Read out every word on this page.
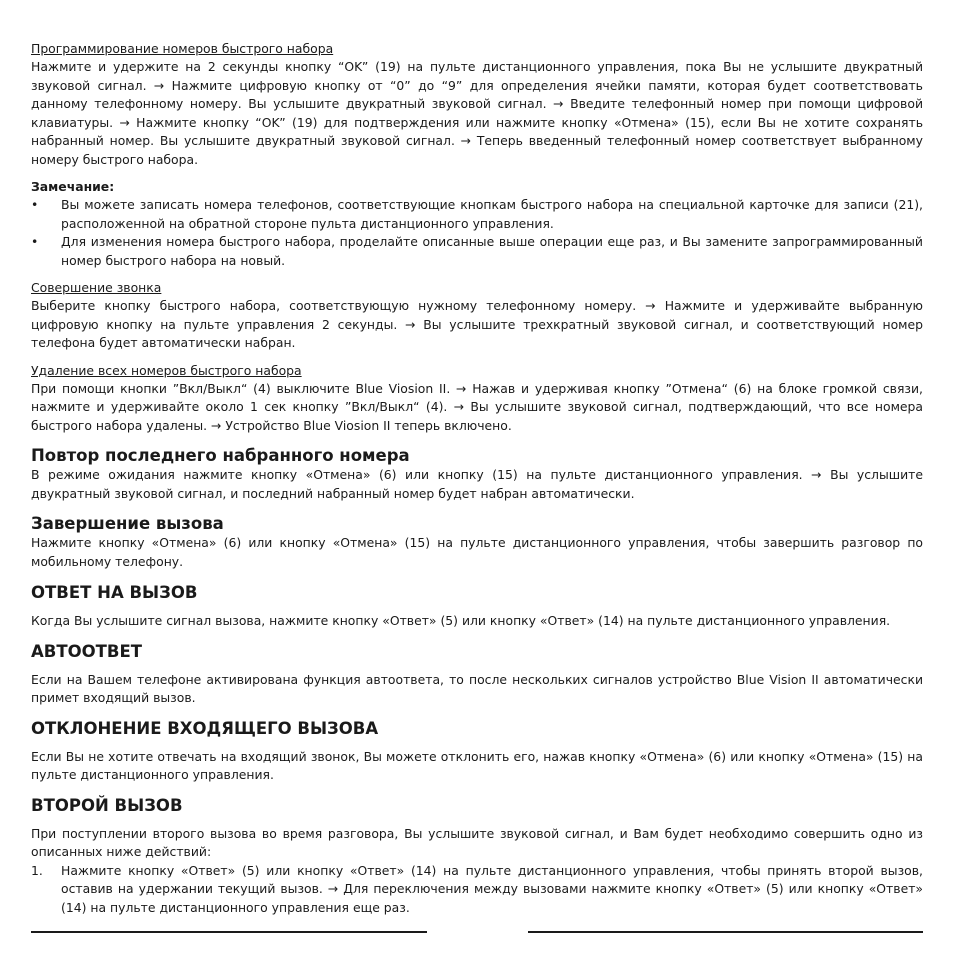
Программирование номеров быстрого набора

Нажмите и удержите на 2 секунды кнопку “OK” (19) на пульте дистанционного управления, пока Вы не услышите двукратный звуковой сигнал. → Нажмите цифровую кнопку от “0” до “9” для определения ячейки памяти, которая будет соответствовать данному телефонному номеру. Вы услышите двукратный звуковой сигнал. → Введите телефонный номер при помощи цифровой клавиатуры. → Нажмите кнопку “OK” (19) для подтверждения или нажмите кнопку «Отмена» (15), если Вы не хотите сохранять набранный номер. Вы услышите двукратный звуковой сигнал. → Теперь введенный телефонный номер соответствует выбранному номеру быстрого набора.

Замечание:
• Вы можете записать номера телефонов, соответствующие кнопкам быстрого набора на специальной карточке для записи (21), расположенной на обратной стороне пульта дистанционного управления.
• Для изменения номера быстрого набора, проделайте описанные выше операции еще раз, и Вы замените запрограммированный номер быстрого набора на новый.
Совершение звонка

Выберите кнопку быстрого набора, соответствующую нужному телефонному номеру. → Нажмите и удерживайте выбранную цифровую кнопку на пульте управления 2 секунды. → Вы услышите трехкратный звуковой сигнал, и соответствующий номер телефона будет автоматически набран.

Удаление всех номеров быстрого набора

При помощи кнопки ”Вкл/Выкл“ (4) выключите Blue Viosion II. → Нажав и удерживая кнопку ”Отмена“ (6) на блоке громкой связи, нажмите и удерживайте около 1 сек кнопку ”Вкл/Выкл“ (4). → Вы услышите звуковой сигнал, подтверждающий, что все номера быстрого набора удалены. → Устройство Blue Viosion II теперь включено.

Повтор последнего набранного номера

В режиме ожидания нажмите кнопку «Отмена» (6) или кнопку (15) на пульте дистанционного управления. → Вы услышите двукратный звуковой сигнал, и последний набранный номер будет набран автоматически.

Завершение вызова

Нажмите кнопку «Отмена» (6) или кнопку «Отмена» (15) на пульте дистанционного управления, чтобы завершить разговор по мобильному телефону.

ОТВЕТ НА ВЫЗОВ

Когда Вы услышите сигнал вызова, нажмите кнопку «Ответ» (5) или кнопку «Ответ» (14) на пульте дистанционного управления.

АВТООТВЕТ

Если на Вашем телефоне активирована функция автоответа, то после нескольких сигналов устройство Blue Vision II автоматически примет входящий вызов.

ОТКЛОНЕНИЕ ВХОДЯЩЕГО ВЫЗОВА

Если Вы не хотите отвечать на входящий звонок, Вы можете отклонить его, нажав кнопку «Отмена» (6) или кнопку «Отмена» (15) на пульте дистанционного управления.

ВТОРОЙ ВЫЗОВ

При поступлении второго вызова во время разговора, Вы услышите звуковой сигнал, и Вам будет необходимо совершить одно из описанных ниже действий:

1. Нажмите кнопку «Ответ» (5) или кнопку «Ответ» (14) на пульте дистанционного управления, чтобы принять второй вызов, оставив на удержании текущий вызов. → Для переключения между вызовами нажмите кнопку «Ответ» (5) или кнопку «Ответ» (14) на пульте дистанционного управления еще раз.
